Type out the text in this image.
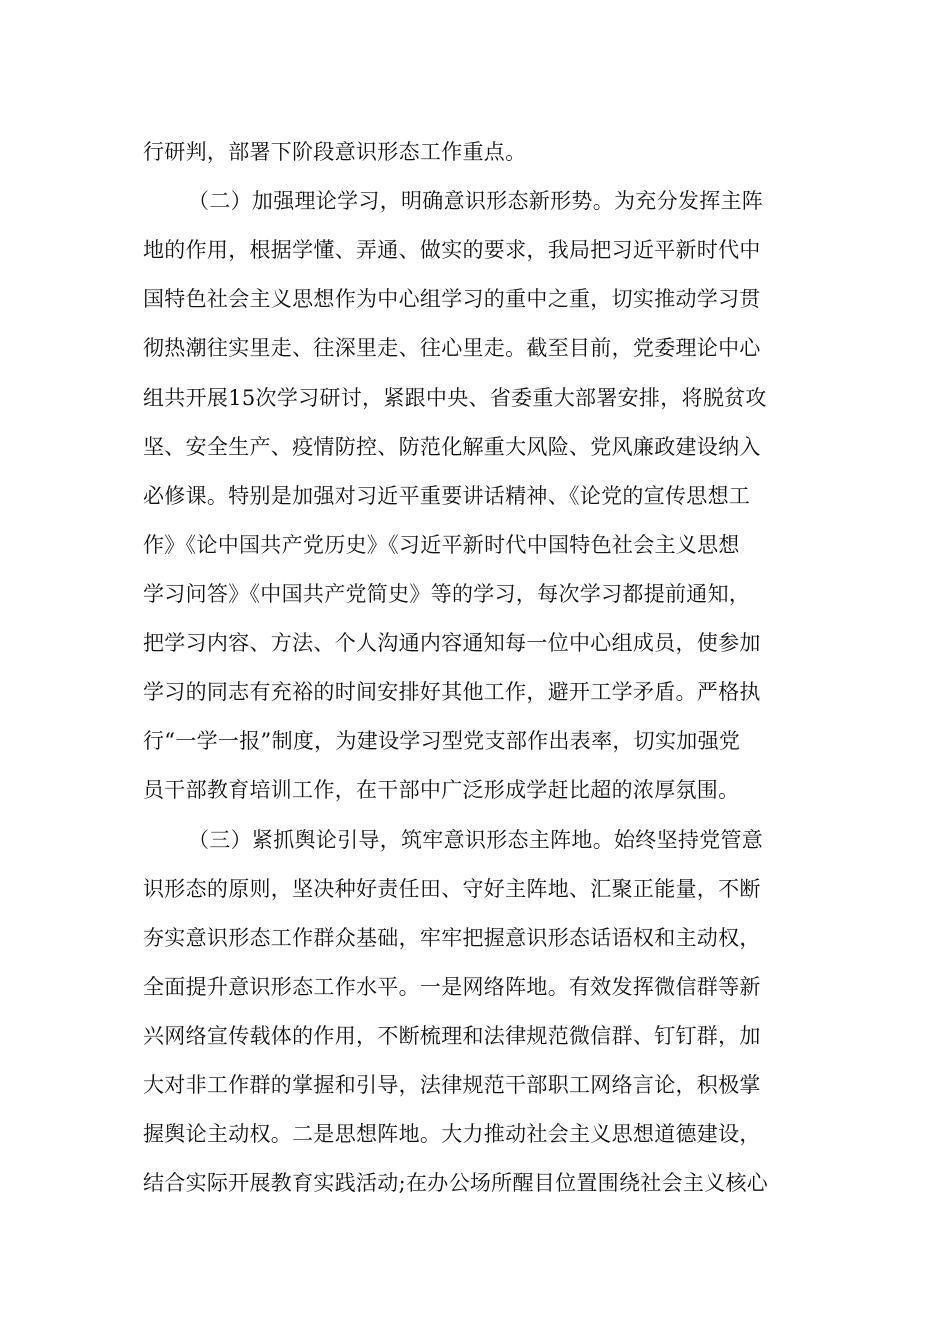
行研判，部署下阶段意识形态工作重点。
（二）加强理论学习，明确意识形态新形势。为充分发挥主阵
地的作用，根据学懂、弄通、做实的要求，我局把习近平新时代中
国特色社会主义思想作为中心组学习的重中之重，切实推动学习贯
彻热潮往实里走、往深里走、往心里走。截至目前，党委理论中心
组共开展15次学习研讨，紧跟中央、省委重大部署安排，将脱贫攻
坚、安全生产、疫情防控、防范化解重大风险、党风廉政建设纳入
必修课。特别是加强对习近平重要讲话精神、《论党的宣传思想工
作》《论中国共产党历史》《习近平新时代中国特色社会主义思想
学习问答》《中国共产党简史》等的学习，每次学习都提前通知，
把学习内容、方法、个人沟通内容通知每一位中心组成员，使参加
学习的同志有充裕的时间安排好其他工作，避开工学矛盾。严格执
行“一学一报”制度，为建设学习型党支部作出表率，切实加强党
员干部教育培训工作，在干部中广泛形成学赶比超的浓厚氛围。
（三）紧抓舆论引导，筑牢意识形态主阵地。始终坚持党管意
识形态的原则，坚决种好责任田、守好主阵地、汇聚正能量，不断
夯实意识形态工作群众基础，牢牢把握意识形态话语权和主动权，
全面提升意识形态工作水平。一是网络阵地。有效发挥微信群等新
兴网络宣传载体的作用，不断梳理和法律规范微信群、钉钉群，加
大对非工作群的掌握和引导，法律规范干部职工网络言论，积极掌
握舆论主动权。二是思想阵地。大力推动社会主义思想道德建设，
结合实际开展教育实践活动;在办公场所醒目位置围绕社会主义核心
